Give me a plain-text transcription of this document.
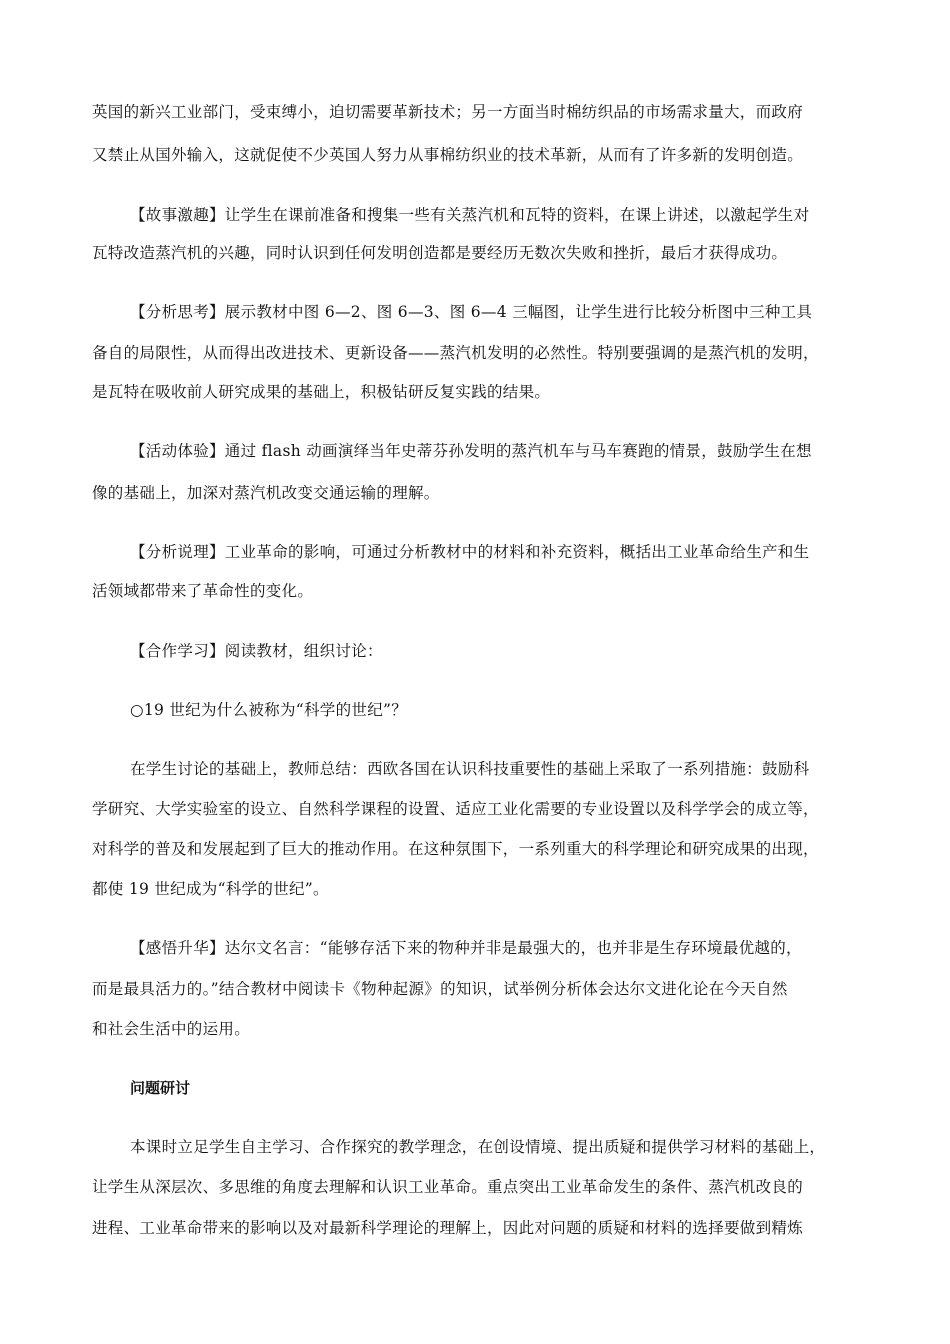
英国的新兴工业部门，受束缚小，迫切需要革新技术；另一方面当时棉纺织品的市场需求量大，而政府
又禁止从国外输入，这就促使不少英国人努力从事棉纺织业的技术革新，从而有了许多新的发明创造。
【故事激趣】让学生在课前准备和搜集一些有关蒸汽机和瓦特的资料，在课上讲述，以激起学生对
瓦特改造蒸汽机的兴趣，同时认识到任何发明创造都是要经历无数次失败和挫折，最后才获得成功。
【分析思考】展示教材中图 6—2、图 6—3、图 6—4 三幅图，让学生进行比较分析图中三种工具
备自的局限性，从而得出改进技术、更新设备——蒸汽机发明的必然性。特别要强调的是蒸汽机的发明，
是瓦特在吸收前人研究成果的基础上，积极钻研反复实践的结果。
【活动体验】通过 flash 动画演绎当年史蒂芬孙发明的蒸汽机车与马车赛跑的情景，鼓励学生在想
像的基础上，加深对蒸汽机改变交通运输的理解。
【分析说理】工业革命的影响，可通过分析教材中的材料和补充资料，概括出工业革命给生产和生
活领域都带来了革命性的变化。
【合作学习】阅读教材，组织讨论：
○19 世纪为什么被称为“科学的世纪”？
在学生讨论的基础上，教师总结：西欧各国在认识科技重要性的基础上采取了一系列措施：鼓励科
学研究、大学实验室的设立、自然科学课程的设置、适应工业化需要的专业设置以及科学学会的成立等，
对科学的普及和发展起到了巨大的推动作用。在这种氛围下，一系列重大的科学理论和研究成果的出现，
都使 19 世纪成为“科学的世纪”。
【感悟升华】达尔文名言：“能够存活下来的物种并非是最强大的，也并非是生存环境最优越的，
而是最具活力的。”结合教材中阅读卡《物种起源》的知识，试举例分析体会达尔文进化论在今天自然
和社会生活中的运用。
问题研讨
本课时立足学生自主学习、合作探究的教学理念，在创设情境、提出质疑和提供学习材料的基础上，
让学生从深层次、多思维的角度去理解和认识工业革命。重点突出工业革命发生的条件、蒸汽机改良的
进程、工业革命带来的影响以及对最新科学理论的理解上，因此对问题的质疑和材料的选择要做到精炼
